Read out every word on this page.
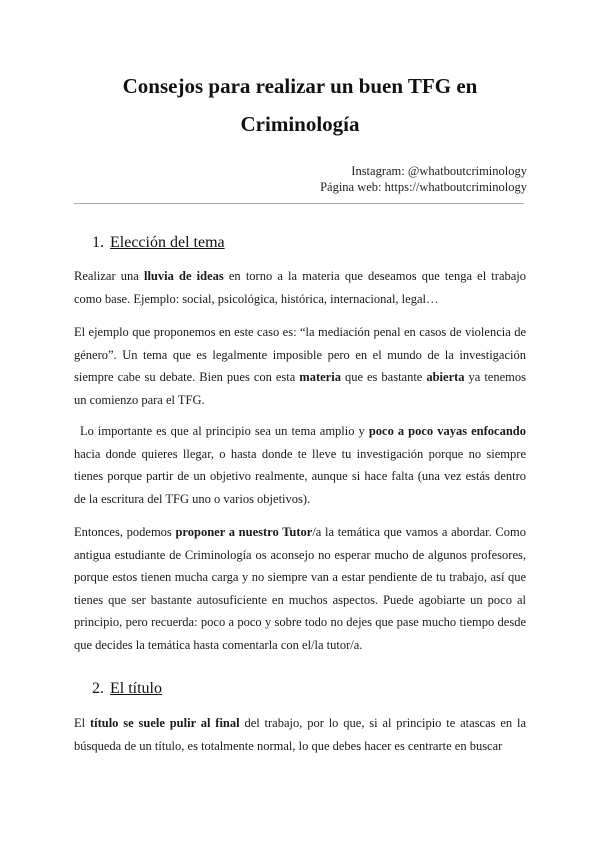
Consejos para realizar un buen TFG en
Criminología
Instagram: @whatboutcriminology
Página web: https://whatboutcriminology
1. Elección del tema
Realizar una lluvia de ideas en torno a la materia que deseamos que tenga el trabajo como base. Ejemplo: social, psicológica, histórica, internacional, legal…
El ejemplo que proponemos en este caso es: “la mediación penal en casos de violencia de género”. Un tema que es legalmente imposible pero en el mundo de la investigación siempre cabe su debate. Bien pues con esta materia que es bastante abierta ya tenemos un comienzo para el TFG.
Lo importante es que al principio sea un tema amplio y poco a poco vayas enfocando hacia donde quieres llegar, o hasta donde te lleve tu investigación porque no siempre tienes porque partir de un objetivo realmente, aunque si hace falta (una vez estás dentro de la escritura del TFG uno o varios objetivos).
Entonces, podemos proponer a nuestro Tutor/a la temática que vamos a abordar. Como antigua estudiante de Criminología os aconsejo no esperar mucho de algunos profesores, porque estos tienen mucha carga y no siempre van a estar pendiente de tu trabajo, así que tienes que ser bastante autosuficiente en muchos aspectos. Puede agobiarte un poco al principio, pero recuerda: poco a poco y sobre todo no dejes que pase mucho tiempo desde que decides la temática hasta comentarla con el/la tutor/a.
2. El título
El título se suele pulir al final del trabajo, por lo que, si al principio te atascas en la búsqueda de un título, es totalmente normal, lo que debes hacer es centrarte en buscar
